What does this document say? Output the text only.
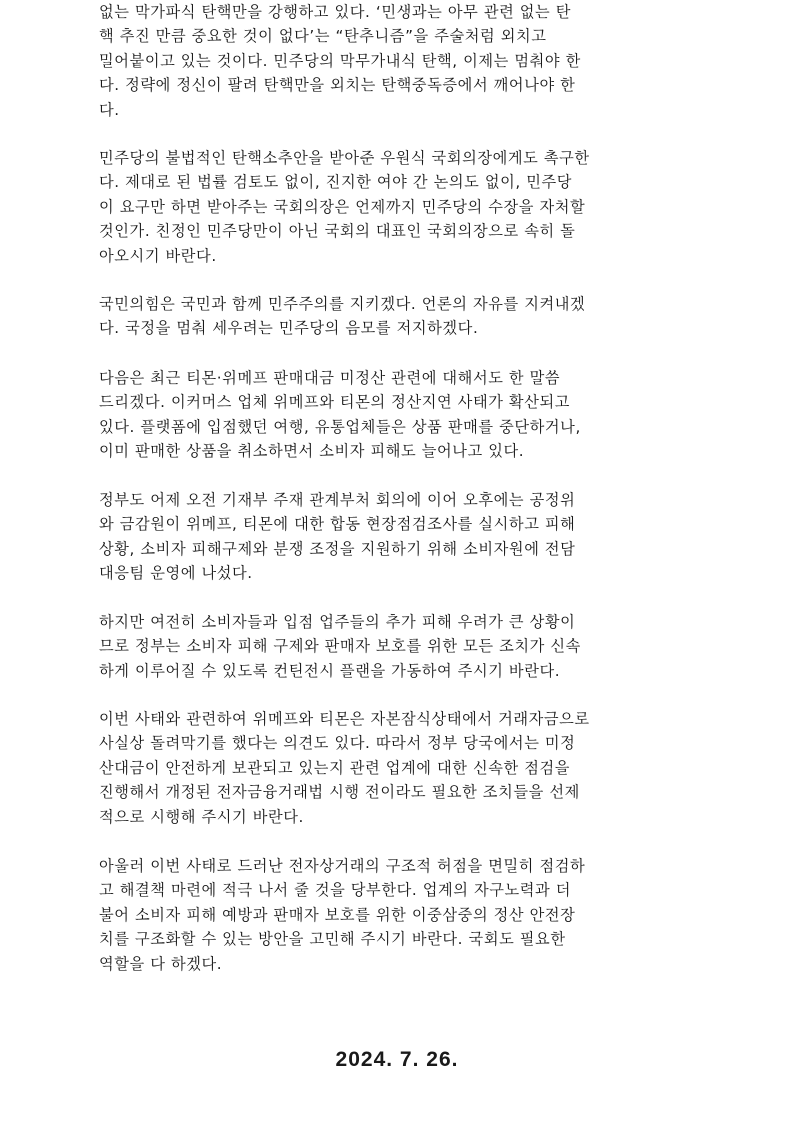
없는 막가파식 탄핵만을 강행하고 있다. ‘민생과는 아무 관련 없는 탄
핵 추진 만큼 중요한 것이 없다’는 “탄추니즘”을 주술처럼 외치고
밀어붙이고 있는 것이다. 민주당의 막무가내식 탄핵, 이제는 멈춰야 한
다. 정략에 정신이 팔려 탄핵만을 외치는 탄핵중독증에서 깨어나야 한
다.

민주당의 불법적인 탄핵소추안을 받아준 우원식 국회의장에게도 촉구한
다. 제대로 된 법률 검토도 없이, 진지한 여야 간 논의도 없이, 민주당
이 요구만 하면 받아주는 국회의장은 언제까지 민주당의 수장을 자처할
것인가. 친정인 민주당만이 아닌 국회의 대표인 국회의장으로 속히 돌
아오시기 바란다.

국민의힘은 국민과 함께 민주주의를 지키겠다. 언론의 자유를 지켜내겠
다. 국정을 멈춰 세우려는 민주당의 음모를 저지하겠다.

다음은 최근 티몬·위메프 판매대금 미정산 관련에 대해서도 한 말씀
드리겠다. 이커머스 업체 위메프와 티몬의 정산지연 사태가 확산되고
있다. 플랫폼에 입점했던 여행, 유통업체들은 상품 판매를 중단하거나,
이미 판매한 상품을 취소하면서 소비자 피해도 늘어나고 있다.

정부도 어제 오전 기재부 주재 관계부처 회의에 이어 오후에는 공정위
와 금감원이 위메프, 티몬에 대한 합동 현장점검조사를 실시하고 피해
상황, 소비자 피해구제와 분쟁 조정을 지원하기 위해 소비자원에 전담
대응팀 운영에 나섰다.

하지만 여전히 소비자들과 입점 업주들의 추가 피해 우려가 큰 상황이
므로 정부는 소비자 피해 구제와 판매자 보호를 위한 모든 조치가 신속
하게 이루어질 수 있도록 컨틴전시 플랜을 가동하여 주시기 바란다.

이번 사태와 관련하여 위메프와 티몬은 자본잠식상태에서 거래자금으로
사실상 돌려막기를 했다는 의견도 있다. 따라서 정부 당국에서는 미정
산대금이 안전하게 보관되고 있는지 관련 업계에 대한 신속한 점검을
진행해서 개정된 전자금융거래법 시행 전이라도 필요한 조치들을 선제
적으로 시행해 주시기 바란다.

아울러 이번 사태로 드러난 전자상거래의 구조적 허점을 면밀히 점검하
고 해결책 마련에 적극 나서 줄 것을 당부한다. 업계의 자구노력과 더
불어 소비자 피해 예방과 판매자 보호를 위한 이중삼중의 정산 안전장
치를 구조화할 수 있는 방안을 고민해 주시기 바란다. 국회도 필요한
역할을 다 하겠다.

2024. 7. 26.
